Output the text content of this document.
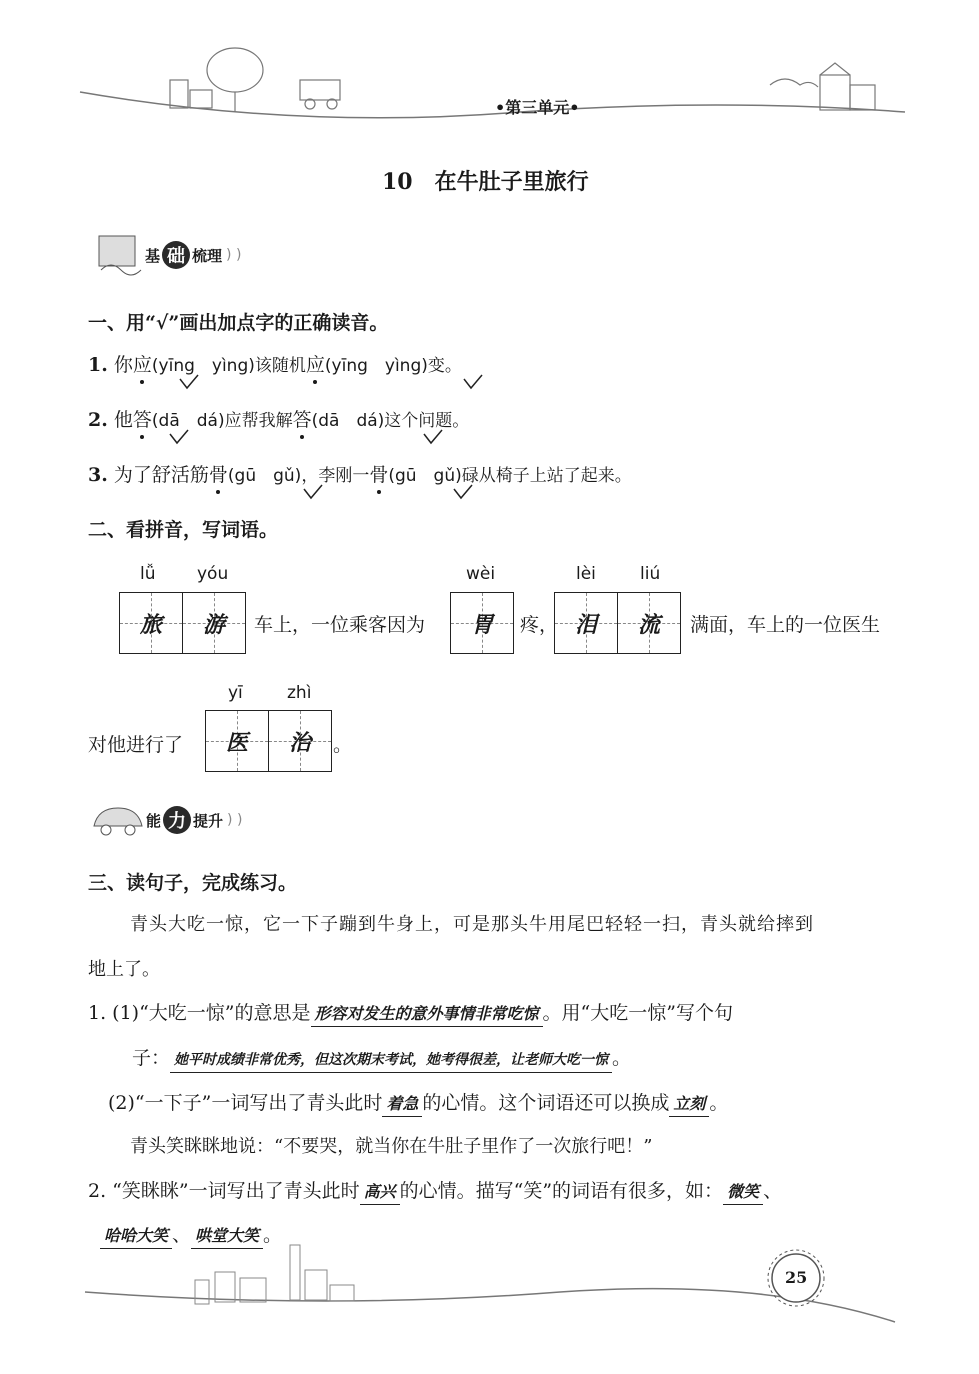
•第三单元•
10　在牛肚子里旅行
基 础 梳理 ) )
一、用“√”画出加点字的正确读音。
1. 你应(yīng　yìng)该随机应(yīng　yìng)变。
2. 他答(dā　dá)应帮我解答(dā　dá)这个问题。
3. 为了舒活筋骨(gū　gǔ)，李刚一骨(gū　gǔ)碌从椅子上站了起来。
二、看拼音，写词语。
lǚ yóu
旅 游 车上，一位乘客因为
wèi
胃 疼，
lèi	liú
泪 流 满面，车上的一位医生
对他进行了
yī	zhì
医 治 。
能 力 提升 ) )
三、读句子，完成练习。
青头大吃一惊，它一下子蹦到牛身上，可是那头牛用尾巴轻轻一扫，青头就给摔到
地上了。
1. (1)“大吃一惊”的意思是 形容对发生的意外事情非常吃惊 。用“大吃一惊”写个句
子： 她平时成绩非常优秀，但这次期末考试，她考得很差，让老师大吃一惊 。
(2)“一下子”一词写出了青头此时 着急 的心情。这个词语还可以换成 立刻 。
青头笑眯眯地说：“不要哭，就当你在牛肚子里作了一次旅行吧！”
2. “笑眯眯”一词写出了青头此时 高兴 的心情。描写“笑”的词语有很多，如： 微笑 、
哈哈大笑 、 哄堂大笑 。
25
